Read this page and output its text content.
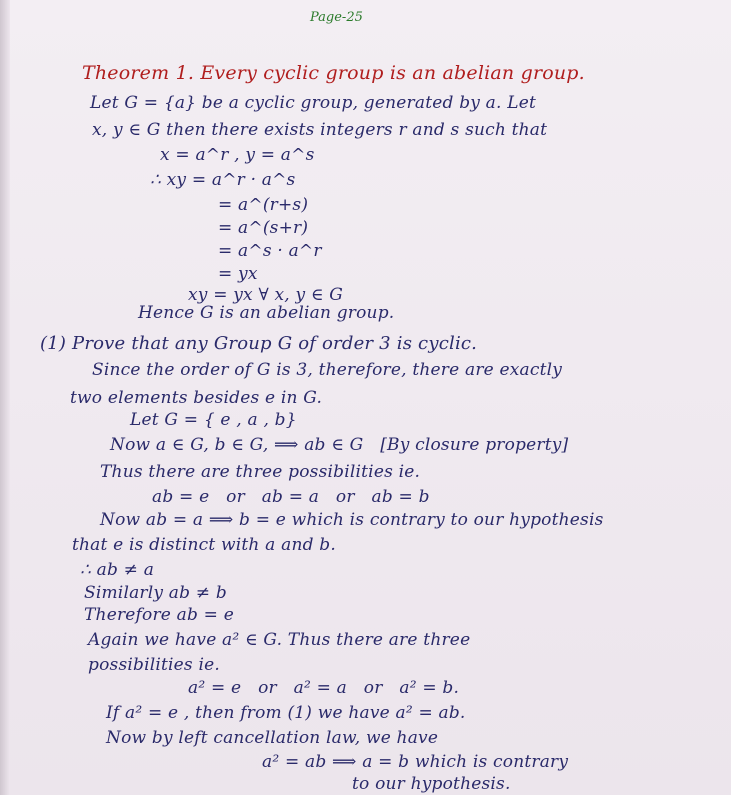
Page-25
Theorem 1. Every cyclic group is an abelian group.
Let G = {a} be a cyclic group, generated by a. Let
x, y ∈ G then there exists integers r and s such that
x = a^r , y = a^s
∴ xy = a^r · a^s
= a^(r+s)
= a^(s+r)
= a^s · a^r
= yx
xy = yx ∀ x, y ∈ G
Hence G is an abelian group.
(1) Prove that any Group G of order 3 is cyclic.
Since the order of G is 3, therefore, there are exactly
two elements besides e in G.
Let G = { e , a , b}
Now a ∈ G, b ∈ G, ⟹ ab ∈ G   [By closure property]
Thus there are three possibilities ie.
ab = e   or   ab = a   or   ab = b
Now ab = a ⟹ b = e which is contrary to our hypothesis
that e is distinct with a and b.
∴ ab ≠ a
Similarly ab ≠ b
Therefore ab = e
Again we have a² ∈ G. Thus there are three
possibilities ie.
a² = e   or   a² = a   or   a² = b.
If a² = e , then from (1) we have a² = ab.
Now by left cancellation law, we have
a² = ab ⟹ a = b which is contrary
to our hypothesis.
